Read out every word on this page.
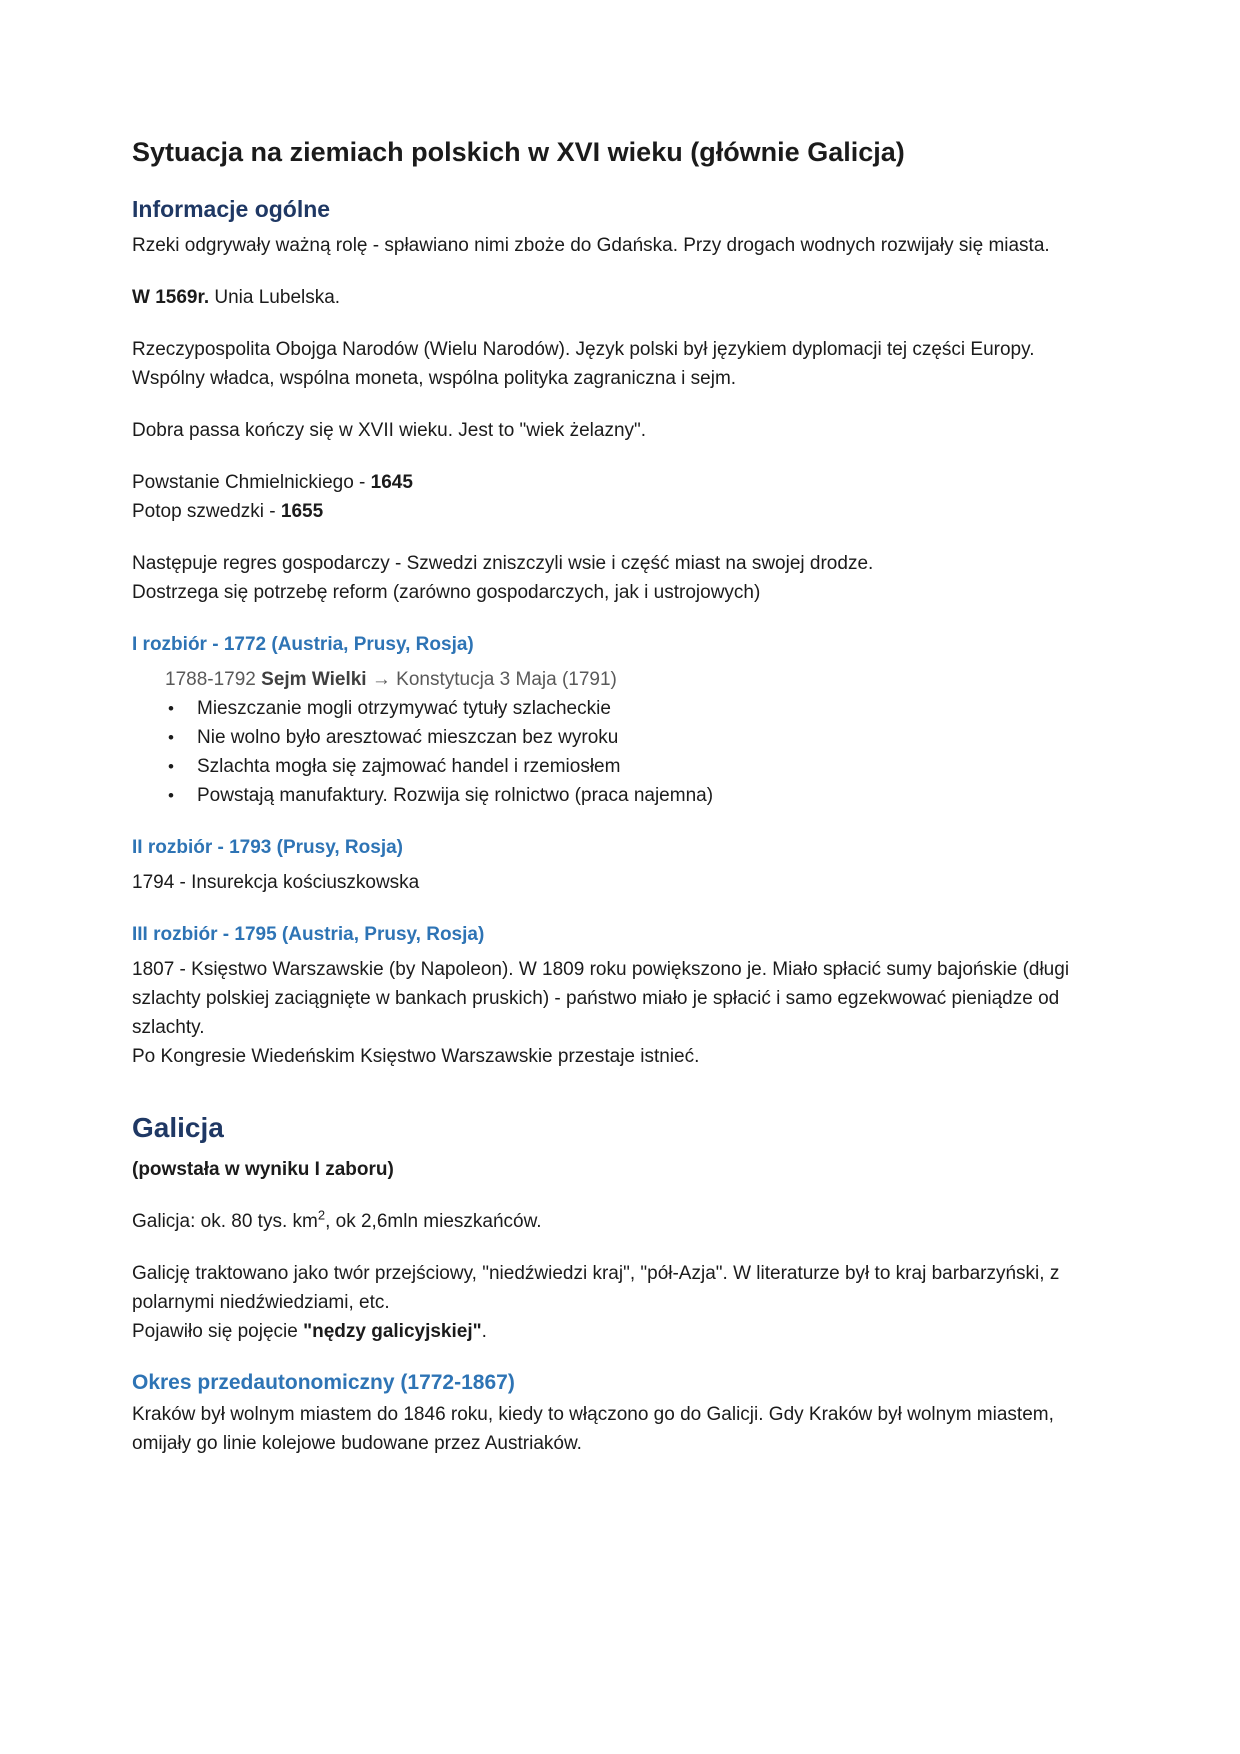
Sytuacja na ziemiach polskich w XVI wieku (głównie Galicja)
Informacje ogólne

Rzeki odgrywały ważną rolę - spławiano nimi zboże do Gdańska. Przy drogach wodnych rozwijały się miasta.

W 1569r. Unia Lubelska.

Rzeczypospolita Obojga Narodów (Wielu Narodów). Język polski był językiem dyplomacji tej części Europy. Wspólny władca, wspólna moneta, wspólna polityka zagraniczna i sejm.

Dobra passa kończy się w XVII wieku. Jest to "wiek żelazny".

Powstanie Chmielnickiego - 1645
Potop szwedzki - 1655

Następuje regres gospodarczy - Szwedzi zniszczyli wsie i część miast na swojej drodze.
Dostrzega się potrzebę reform (zarówno gospodarczych, jak i ustrojowych)

I rozbiór - 1772 (Austria, Prusy, Rosja)
1788-1792 Sejm Wielki → Konstytucja 3 Maja (1791)
• Mieszczanie mogli otrzymywać tytuły szlacheckie
• Nie wolno było aresztować mieszczan bez wyroku
• Szlachta mogła się zajmować handel i rzemiosłem
• Powstają manufaktury. Rozwija się rolnictwo (praca najemna)
II rozbiór - 1793 (Prusy, Rosja)

1794 - Insurekcja kościuszkowska

III rozbiór - 1795 (Austria, Prusy, Rosja)

1807 - Księstwo Warszawskie (by Napoleon). W 1809 roku powiększono je. Miało spłacić sumy bajońskie (długi szlachty polskiej zaciągnięte w bankach pruskich) - państwo miało je spłacić i samo egzekwować pieniądze od szlachty.
Po Kongresie Wiedeńskim Księstwo Warszawskie przestaje istnieć.

Galicja

(powstała w wyniku I zaboru)

Galicja: ok. 80 tys. $km^2$, ok 2,6mln mieszkańców.

Galicję traktowano jako twór przejściowy, "niedźwiedzi kraj", "pół-Azja". W literaturze był to kraj barbarzyński, z polarnymi niedźwiedziami, etc.
Pojawiło się pojęcie "nędzy galicyjskiej".

Okres przedautonomiczny (1772-1867)

Kraków był wolnym miastem do 1846 roku, kiedy to włączono go do Galicji. Gdy Kraków był wolnym miastem, omijały go linie kolejowe budowane przez Austriaków.
